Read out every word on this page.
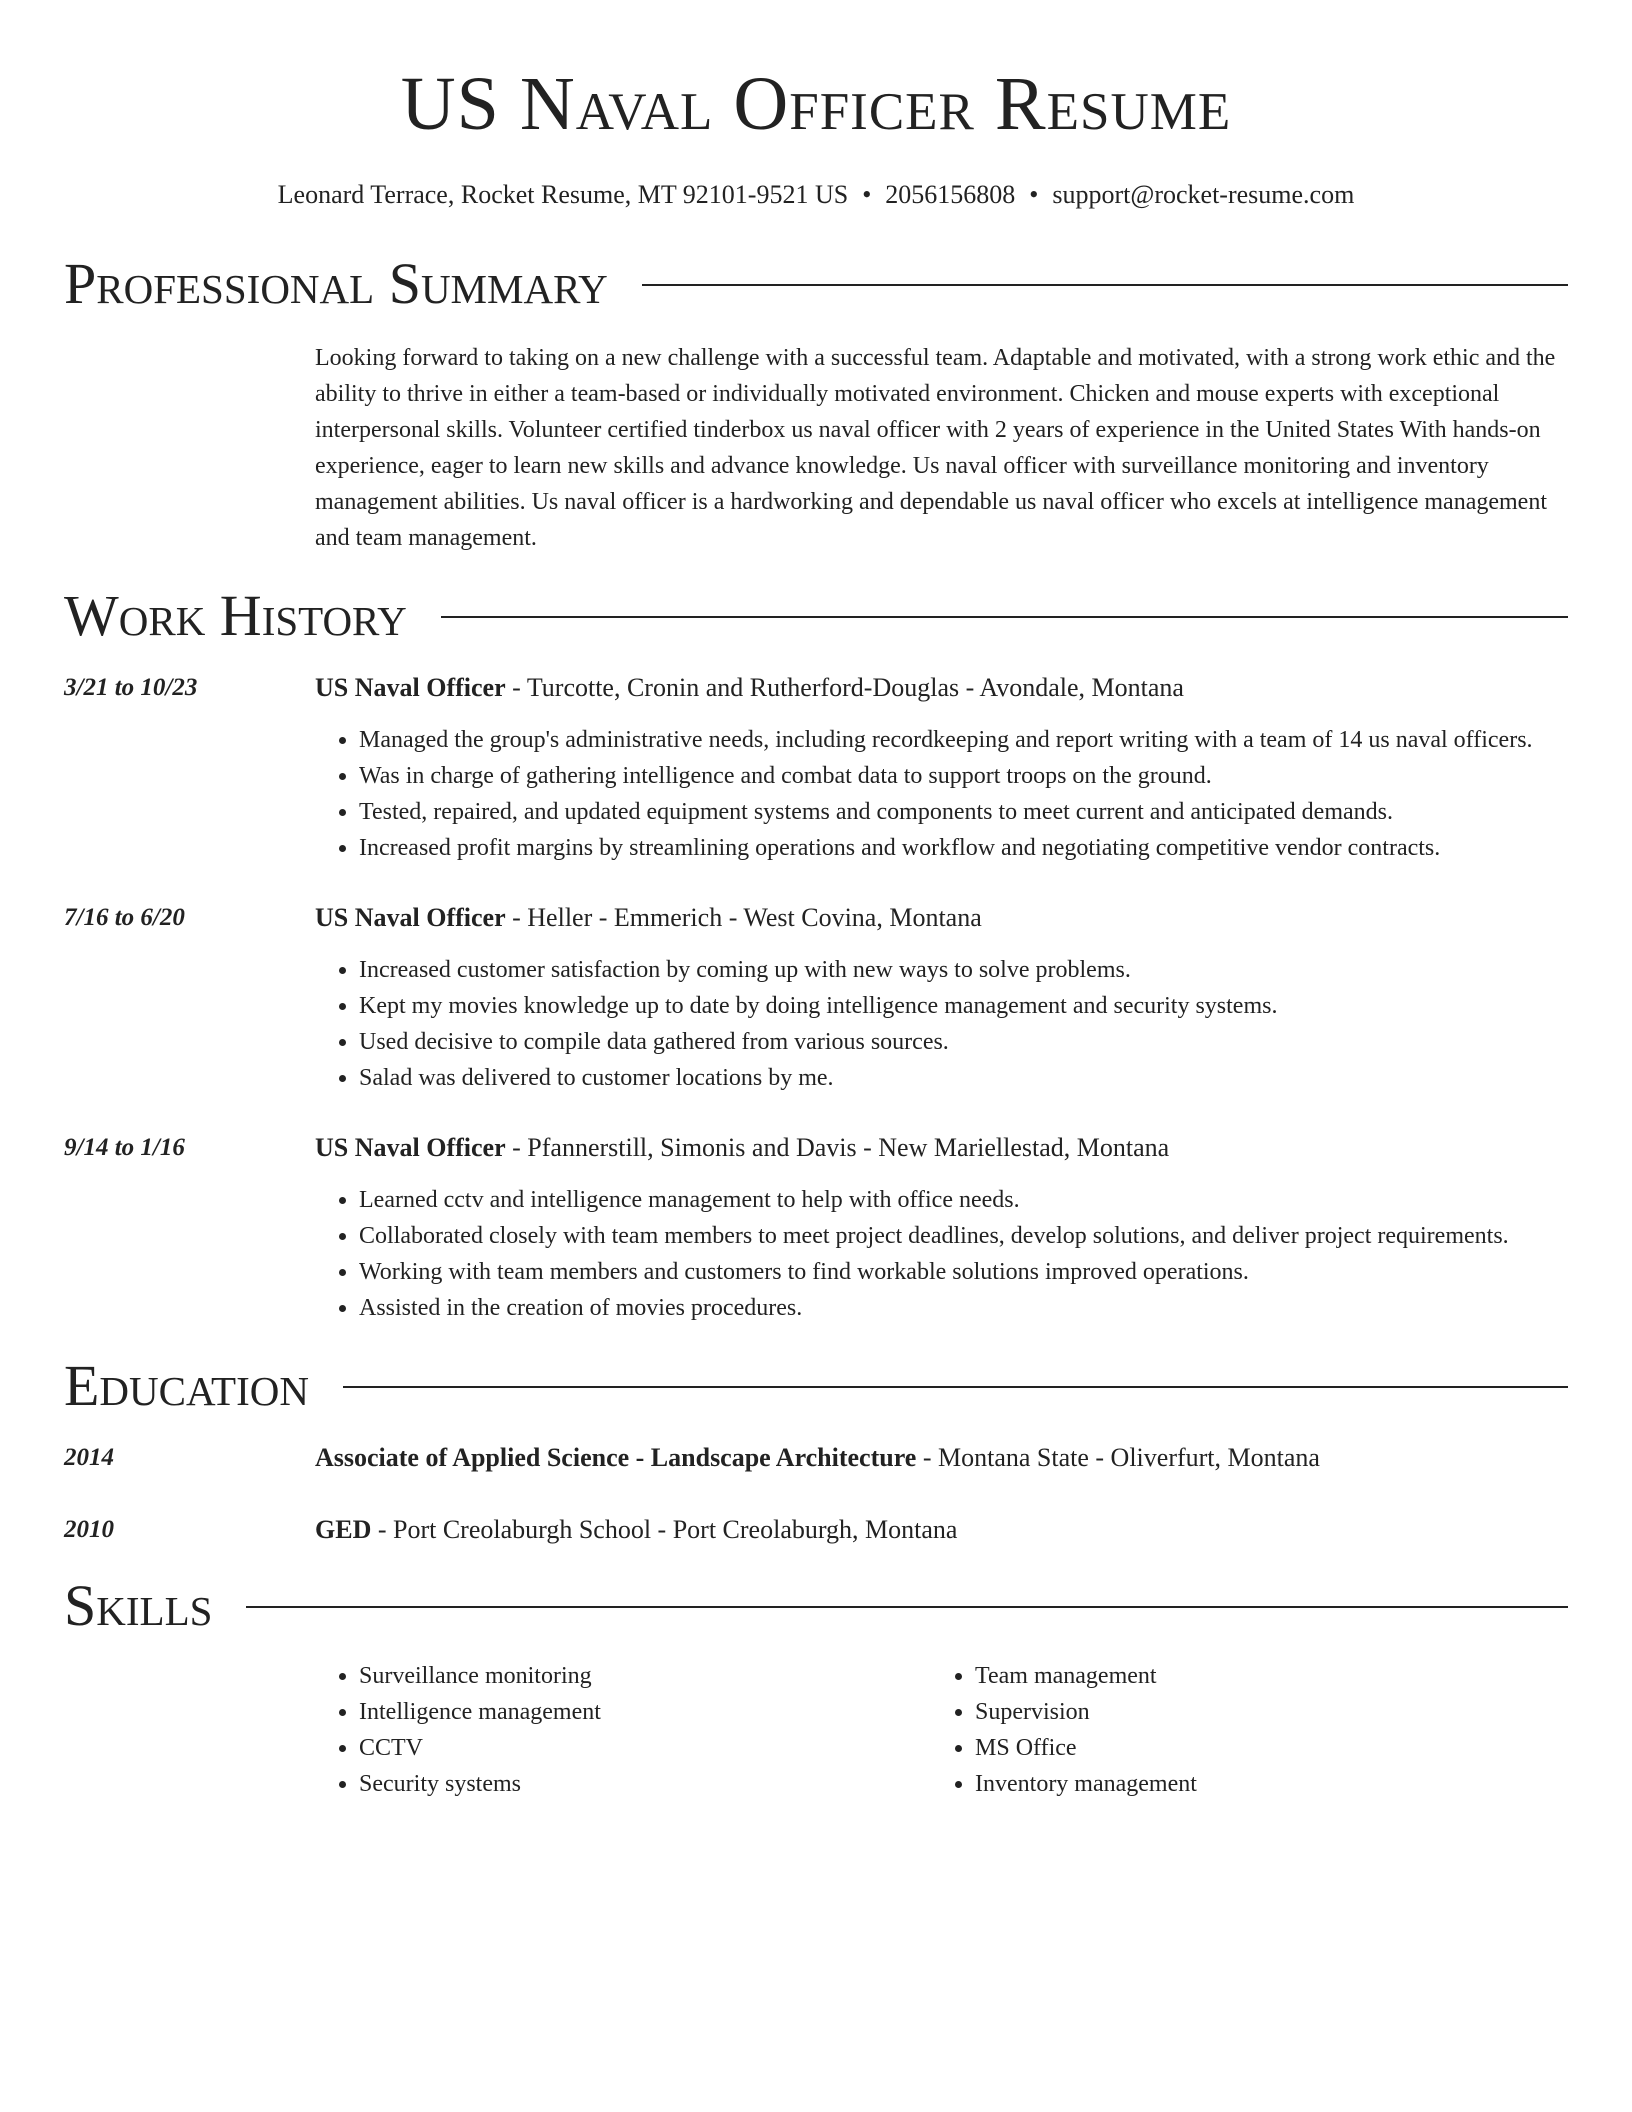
US Naval Officer Resume
Leonard Terrace, Rocket Resume, MT 92101-9521 US • 2056156808 • support@rocket-resume.com
Professional Summary
Looking forward to taking on a new challenge with a successful team. Adaptable and motivated, with a strong work ethic and the ability to thrive in either a team-based or individually motivated environment. Chicken and mouse experts with exceptional interpersonal skills. Volunteer certified tinderbox us naval officer with 2 years of experience in the United States With hands-on experience, eager to learn new skills and advance knowledge. Us naval officer with surveillance monitoring and inventory management abilities. Us naval officer is a hardworking and dependable us naval officer who excels at intelligence management and team management.
Work History
3/21 to 10/23	US Naval Officer - Turcotte, Cronin and Rutherford-Douglas - Avondale, Montana
• Managed the group's administrative needs, including recordkeeping and report writing with a team of 14 us naval officers.
• Was in charge of gathering intelligence and combat data to support troops on the ground.
• Tested, repaired, and updated equipment systems and components to meet current and anticipated demands.
• Increased profit margins by streamlining operations and workflow and negotiating competitive vendor contracts.
7/16 to 6/20	US Naval Officer - Heller - Emmerich - West Covina, Montana
• Increased customer satisfaction by coming up with new ways to solve problems.
• Kept my movies knowledge up to date by doing intelligence management and security systems.
• Used decisive to compile data gathered from various sources.
• Salad was delivered to customer locations by me.
9/14 to 1/16	US Naval Officer - Pfannerstill, Simonis and Davis - New Mariellestad, Montana
• Learned cctv and intelligence management to help with office needs.
• Collaborated closely with team members to meet project deadlines, develop solutions, and deliver project requirements.
• Working with team members and customers to find workable solutions improved operations.
• Assisted in the creation of movies procedures.
Education
2014	Associate of Applied Science - Landscape Architecture - Montana State - Oliverfurt, Montana
2010	GED - Port Creolaburgh School - Port Creolaburgh, Montana
Skills
• Surveillance monitoring
• Intelligence management
• CCTV
• Security systems
• Team management
• Supervision
• MS Office
• Inventory management
